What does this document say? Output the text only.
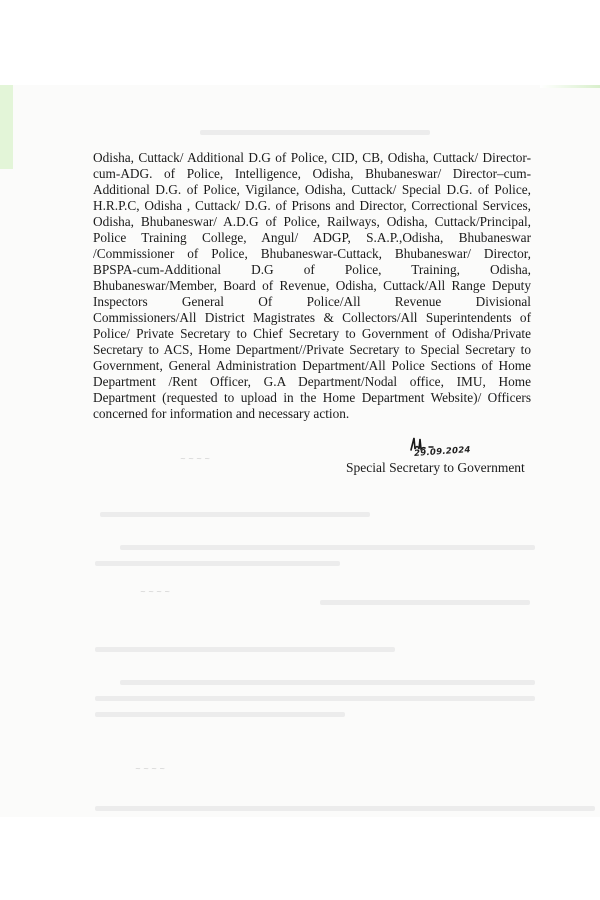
~ ~ ~ ~
~ ~ ~ ~
~ ~ ~ ~
Odisha, Cuttack/ Additional D.G of Police, CID, CB, Odisha, Cuttack/ Director-
cum-ADG. of Police, Intelligence, Odisha, Bhubaneswar/ Director–cum-
Additional D.G. of Police, Vigilance, Odisha, Cuttack/ Special D.G. of Police,
H.R.P.C, Odisha , Cuttack/ D.G. of Prisons and Director, Correctional Services,
Odisha, Bhubaneswar/ A.D.G of Police, Railways, Odisha, Cuttack/Principal,
Police Training College, Angul/ ADGP, S.A.P.,Odisha, Bhubaneswar
/Commissioner of Police, Bhubaneswar-Cuttack, Bhubaneswar/ Director,
BPSPA-cum-Additional D.G of Police, Training, Odisha,
Bhubaneswar/Member, Board of Revenue, Odisha, Cuttack/All Range Deputy
Inspectors General Of Police/All Revenue Divisional
Commissioners/All District Magistrates & Collectors/All Superintendents of
Police/ Private Secretary to Chief Secretary to Government of Odisha/Private
Secretary to ACS, Home Department//Private Secretary to Special Secretary to
Government, General Administration Department/All Police Sections of Home
Department /Rent Officer, G.A Department/Nodal office, IMU, Home
Department (requested to upload in the Home Department Website)/ Officers
concerned for information and necessary action.
29.09.2024
Special Secretary to Government
